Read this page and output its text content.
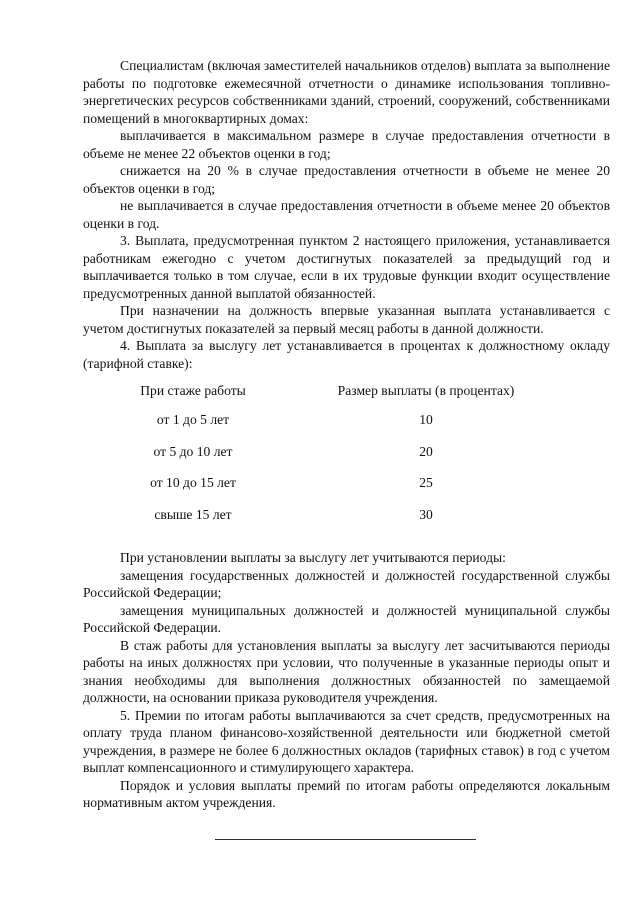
Специалистам (включая заместителей начальников отделов) выплата за выполнение работы по подготовке ежемесячной отчетности о динамике использования топливно-энергетических ресурсов собственниками зданий, строений, сооружений, собственниками помещений в многоквартирных домах:

выплачивается в максимальном размере в случае предоставления отчетности в объеме не менее 22 объектов оценки в год;

снижается на 20 % в случае предоставления отчетности в объеме не менее 20 объектов оценки в год;

не выплачивается в случае предоставления отчетности в объеме менее 20 объектов оценки в год.

3. Выплата, предусмотренная пунктом 2 настоящего приложения, устанавливается работникам ежегодно с учетом достигнутых показателей за предыдущий год и выплачивается только в том случае, если в их трудовые функции входит осуществление предусмотренных данной выплатой обязанностей.

При назначении на должность впервые указанная выплата устанавливается с учетом достигнутых показателей за первый месяц работы в данной должности.

4. Выплата за выслугу лет устанавливается в процентах к должностному окладу (тарифной ставке):

При стаже работы	Размер выплаты (в процентах)
от 1 до 5 лет	10
от 5 до 10 лет	20
от 10 до 15 лет	25
свыше 15 лет	30

При установлении выплаты за выслугу лет учитываются периоды:

замещения государственных должностей и должностей государственной службы Российской Федерации;

замещения муниципальных должностей и должностей муниципальной службы Российской Федерации.

В стаж работы для установления выплаты за выслугу лет засчитываются периоды работы на иных должностях при условии, что полученные в указанные периоды опыт и знания необходимы для выполнения должностных обязанностей по замещаемой должности, на основании приказа руководителя учреждения.

5. Премии по итогам работы выплачиваются за счет средств, предусмотренных на оплату труда планом финансово-хозяйственной деятельности или бюджетной сметой учреждения, в размере не более 6 должностных окладов (тарифных ставок) в год с учетом выплат компенсационного и стимулирующего характера.

Порядок и условия выплаты премий по итогам работы определяются локальным нормативным актом учреждения.
